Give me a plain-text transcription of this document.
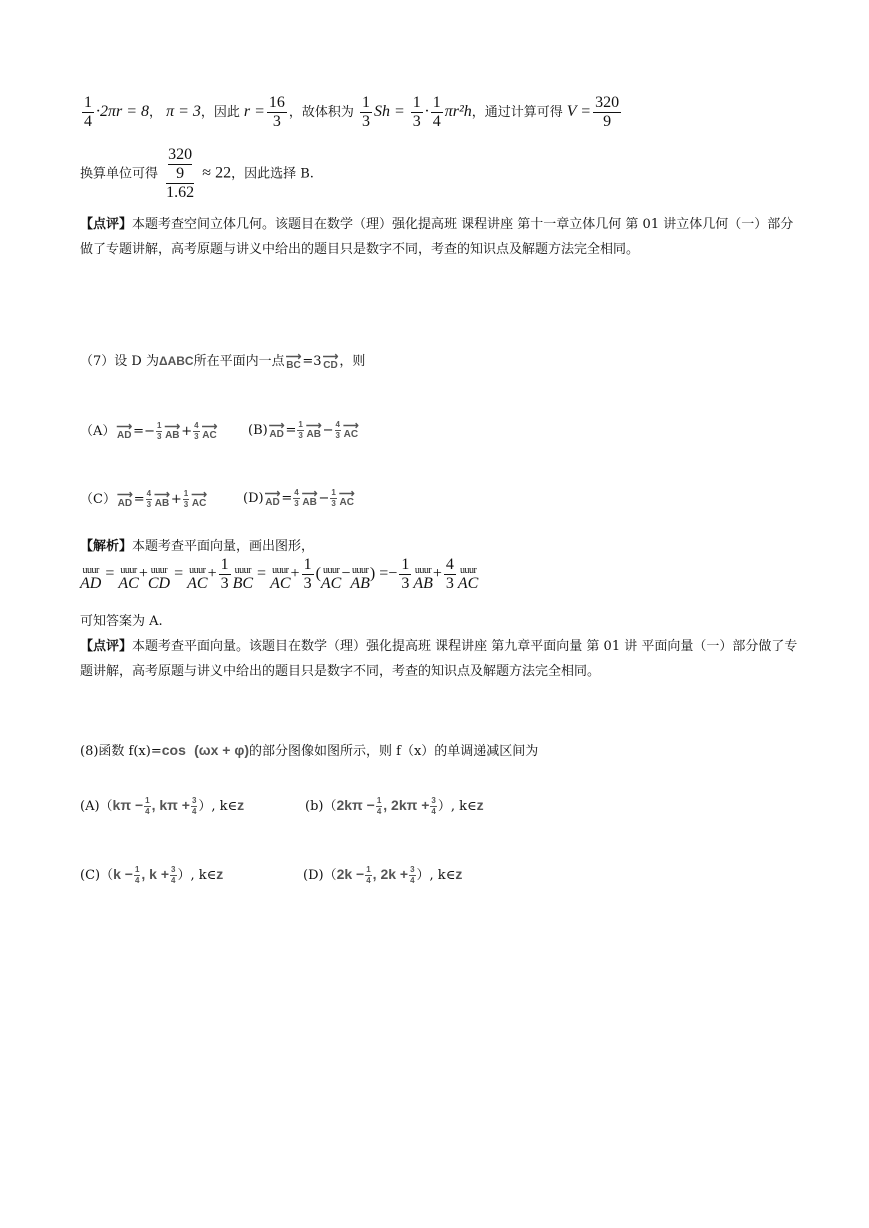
$\frac{1}{4} \cdot 2\pi r = 8$， π = 3，因此 $r = \frac{16}{3}$ ，故体积为 $\frac{1}{3}$ $Sh = \frac{1}{3} \cdot \frac{1}{4} \pi r^2h$，通过计算可得 $V = \frac{320}{9}$
换算单位可得 320
9
1.62 ≈ 22，因此选择 B.
【点评】本题考查空间立体几何。该题目在数学（理）强化提高班 课程讲座 第十一章立体几何 第 01 讲立体几何（一）部分做了专题讲解，高考原题与讲义中给出的题目只是数字不同，考查的知识点及解题方法完全相同。
（7）设 D 为ΔABC所在平面内一点 ⟶
BC =3 ⟶
CD ，则
（A） ⟶
AD =− $\frac{1}{3}$ ⟶
AB + $\frac{4}{3}$ ⟶
AC (B) ⟶
AD = $\frac{1}{3}$ ⟶
AB − $\frac{4}{3}$ ⟶
AC
（C） ⟶
AD = $\frac{4}{3}$ ⟶
AB + $\frac{1}{3}$ ⟶
AC	(D) ⟶
AD = $\frac{4}{3}$ ⟶
AB − $\frac{1}{3}$ ⟶
AC
【解析】本题考查平面向量，画出图形，
uuur
AD
= uuur
AC
+ uuur
CD
= uuur
AC
+ $\frac{1}{3}$ uuur
BC
= uuur
AC
+ $\frac{1}{3}$ ( uuur
AC
− uuur
AB
) =− $\frac{1}{3}$ uuur
AB
+ $\frac{4}{3}$ uuur
AC
可知答案为 A.
【点评】本题考查平面向量。该题目在数学（理）强化提高班 课程讲座 第九章平面向量 第 01 讲 平面向量（一）部分做了专题讲解，高考原题与讲义中给出的题目只是数字不同，考查的知识点及解题方法完全相同。
(8)函数 f(x)=cos (ωx + φ)的部分图像如图所示，则 f（x）的单调递减区间为
$(A)(k\pi - \frac{1}{4}$ , $k\pi + \frac{3}{4}$ ）, k∈z	$(b)(2k\pi - \frac{1}{4}$ , $2k\pi + \frac{3}{4}$ ）, k∈z
$(C)(k - \frac{1}{4}$ , $k + \frac{3}{4}$ ）, k∈z	$(D)(2k - \frac{1}{4}$ , $2k + \frac{3}{4}$ ）, k∈z
